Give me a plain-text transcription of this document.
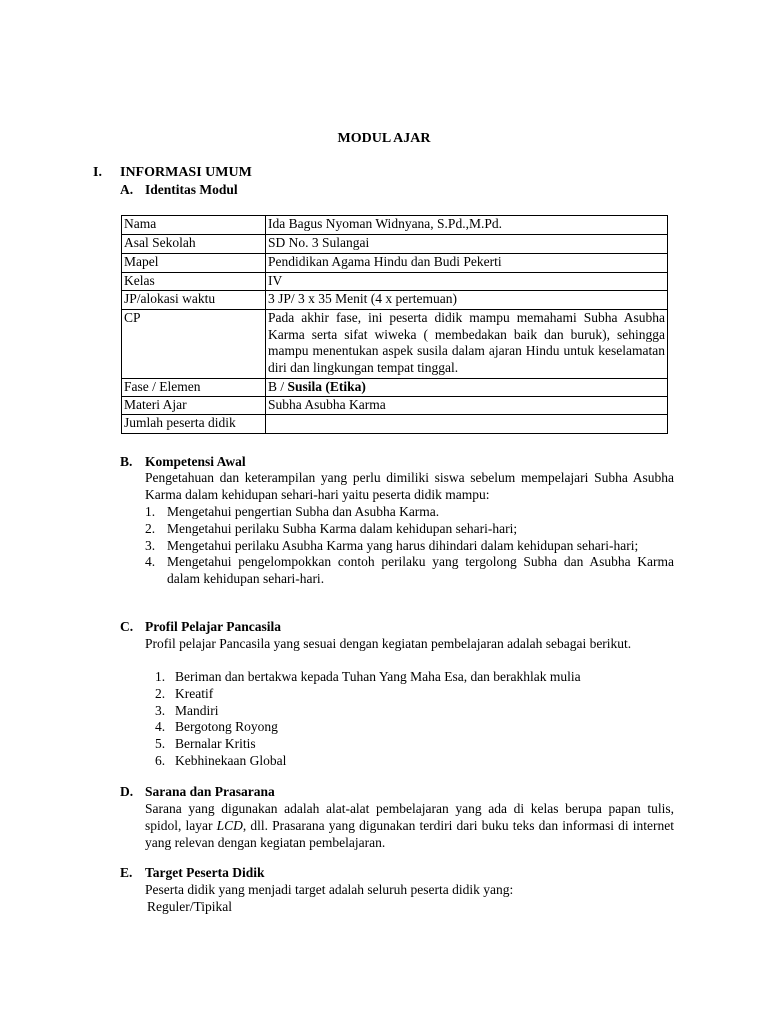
MODUL AJAR
I. INFORMASI UMUM
A. Identitas Modul
Nama	Ida Bagus Nyoman Widnyana, S.Pd.,M.Pd.
Asal Sekolah	SD No. 3 Sulangai
Mapel	Pendidikan Agama Hindu dan Budi Pekerti
Kelas	IV
JP/alokasi waktu	3 JP/ 3 x 35 Menit (4 x pertemuan)
CP	Pada akhir fase, ini peserta didik mampu memahami Subha Asubha Karma serta sifat wiweka ( membedakan baik dan buruk), sehingga mampu menentukan aspek susila dalam ajaran Hindu untuk keselamatan diri dan lingkungan tempat tinggal.
Fase / Elemen	B / Susila (Etika)
Materi Ajar	Subha Asubha Karma
Jumlah peserta didik	
B. Kompetensi Awal
Pengetahuan dan keterampilan yang perlu dimiliki siswa sebelum mempelajari Subha Asubha Karma dalam kehidupan sehari-hari yaitu peserta didik mampu:
1. Mengetahui pengertian Subha dan Asubha Karma.
2. Mengetahui perilaku Subha Karma dalam kehidupan sehari-hari;
3. Mengetahui perilaku Asubha Karma yang harus dihindari dalam kehidupan sehari-hari;
4. Mengetahui pengelompokkan contoh perilaku yang tergolong Subha dan Asubha Karma dalam kehidupan sehari-hari.
C. Profil Pelajar Pancasila
Profil pelajar Pancasila yang sesuai dengan kegiatan pembelajaran adalah sebagai berikut.
1. Beriman dan bertakwa kepada Tuhan Yang Maha Esa, dan berakhlak mulia
2. Kreatif
3. Mandiri
4. Bergotong Royong
5. Bernalar Kritis
6. Kebhinekaan Global
D. Sarana dan Prasarana
Sarana yang digunakan adalah alat-alat pembelajaran yang ada di kelas berupa papan tulis, spidol, layar LCD, dll. Prasarana yang digunakan terdiri dari buku teks dan informasi di internet yang relevan dengan kegiatan pembelajaran.
E. Target Peserta Didik
Peserta didik yang menjadi target adalah seluruh peserta didik yang:
Reguler/Tipikal
